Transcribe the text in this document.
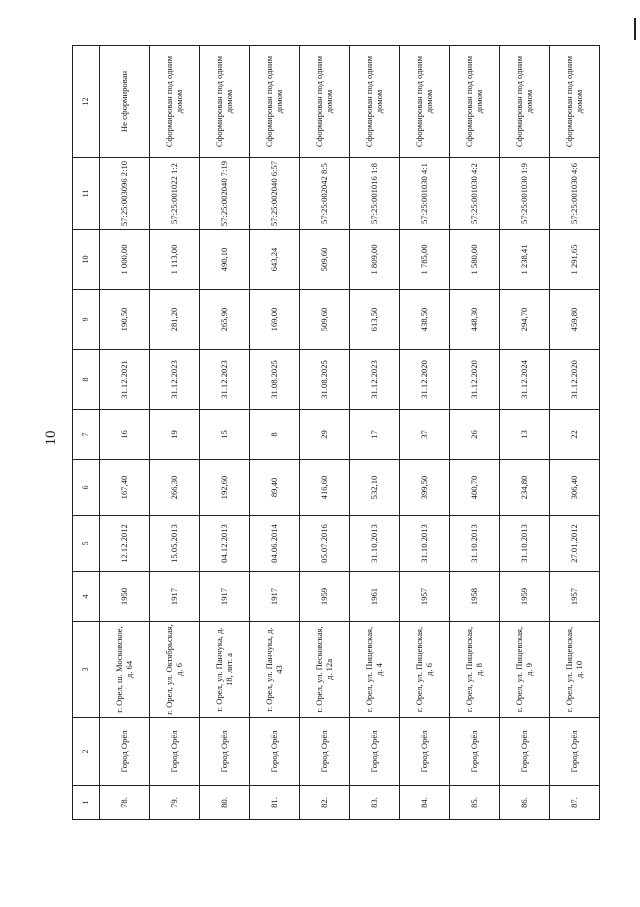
10
1	2	3	4	5	6	7	8	9	10	11	12
78.	Город Орёл	г. Орел, ш. Московское, д. 64	1950	12.12.2012	167,40	16	31.12.2021	190,50	1 000,00	57:25:003096 2:10	Не сформирован
79.	Город Орёл	г. Орел, ул. Октябрьская, д. 6	1917	15.05.2013	266,30	19	31.12.2023	281,20	1 113,00	57:25:001022 1:2	Сформирован под одним домом
80.	Город Орёл	г. Орел, ул. Панчука, д. 18, лит. а	1917	04.12.2013	192,60	15	31.12.2023	265,90	490,10	57:25:002040 7:19	Сформирован под одним домом
81.	Город Орёл	г. Орел, ул. Панчука, д. 43	1917	04.06.2014	89,40	8	31.08.2025	169,00	643,24	57:25:002040 6:57	Сформирован под одним домом
82.	Город Орёл	г. Орел, ул. Песковская, д. 12а	1959	05.07.2016	416,60	29	31.08.2025	509,60	509,60	57:25:002042 8:5	Сформирован под одним домом
83.	Город Орёл	г. Орел, ул. Пищевская, д. 4	1961	31.10.2013	532,10	17	31.12.2023	613,50	1 809,00	57:25:001016 1:8	Сформирован под одним домом
84.	Город Орёл	г. Орел, ул. Пищевская, д. 6	1957	31.10.2013	399,50	37	31.12.2020	438,50	1 785,00	57:25:001030 4:1	Сформирован под одним домом
85.	Город Орёл	г. Орел, ул. Пищевская, д. 8	1958	31.10.2013	400,70	26	31.12.2020	448,30	1 580,00	57:25:001030 4:2	Сформирован под одним домом
86.	Город Орёл	г. Орел, ул. Пищевская, д. 9	1959	31.10.2013	234,80	13	31.12.2024	294,70	1 238,41	57:25:001030 1:9	Сформирован под одним домом
87.	Город Орёл	г. Орел, ул. Пищевская, д. 10	1957	27.01.2012	306,40	22	31.12.2020	459,80	1 291,65	57:25:001030 4:6	Сформирован под одним домом
